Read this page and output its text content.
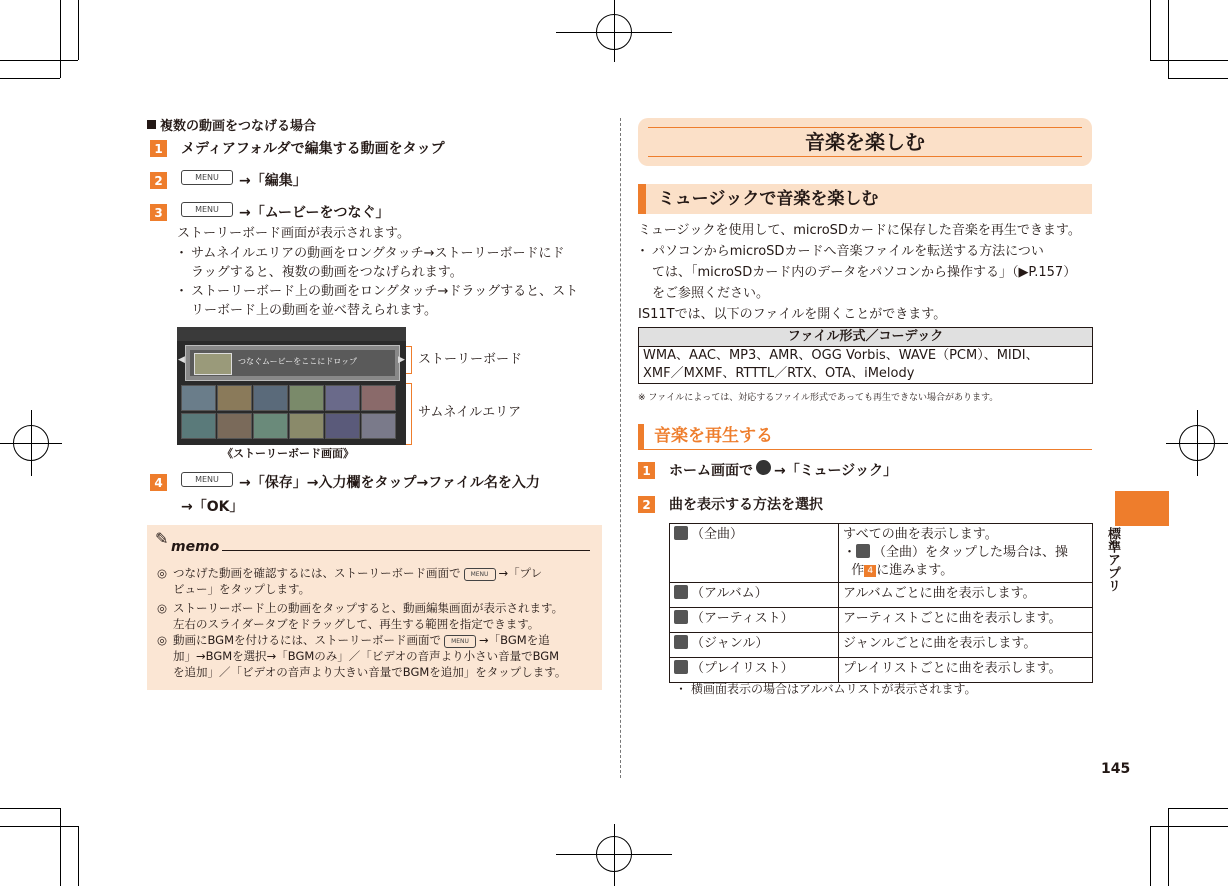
複数の動画をつなげる場合
1	メディアフォルダで編集する動画をタップ
2	MENU	→「編集」
3	MENU	→「ムービーをつなぐ」
ストーリーボード画面が表示されます。
・ サムネイルエリアの動画をロングタッチ→ストーリーボードにド
ラッグすると、複数の動画をつなげられます。
・ ストーリーボード上の動画をロングタッチ→ドラッグすると、スト
リーボード上の動画を並べ替えられます。
◀	つなぐムービーをここにドロップ	▶ ストーリーボード
サムネイルエリア
《ストーリーボード画面》
4	MENU	→「保存」→入力欄をタップ→ファイル名を入力
→「OK」
✎ memo
◎ つなげた動画を確認するには、ストーリーボード画面で MENU →「プレ
ビュー」をタップします。
◎ ストーリーボード上の動画をタップすると、動画編集画面が表示されます。
左右のスライダータブをドラッグして、再生する範囲を指定できます。
◎ 動画にBGMを付けるには、ストーリーボード画面で MENU →「BGMを追
加」→BGMを選択→「BGMのみ」／「ビデオの音声より小さい音量でBGM
を追加」／「ビデオの音声より大きい音量でBGMを追加」をタップします。
音楽を楽しむ
ミュージックで音楽を楽しむ
ミュージックを使用して、microSDカードに保存した音楽を再生できます。
・ パソコンからmicroSDカードへ音楽ファイルを転送する方法につい
ては、「microSDカード内のデータをパソコンから操作する」（▶P.157）
をご参照ください。
IS11Tでは、以下のファイルを開くことができます。
ファイル形式／コーデック
WMA、AAC、MP3、AMR、OGG Vorbis、WAVE（PCM）、MIDI、
XMF／MXMF、RTTTL／RTX、OTA、iMelody
※ ファイルによっては、対応するファイル形式であっても再生できない場合があります。
音楽を再生する
1	ホーム画面で →「ミュージック」
2	曲を表示する方法を選択
（全曲）	すべての曲を表示します。
・ （全曲）をタップした場合は、操
作 4 に進みます。
（アルバム）	アルバムごとに曲を表示します。
（アーティスト）	アーティストごとに曲を表示します。
（ジャンル）	ジャンルごとに曲を表示します。
（プレイリスト）	プレイリストごとに曲を表示します。
・ 横画面表示の場合はアルバムリストが表示されます。
標準アプリ
145
